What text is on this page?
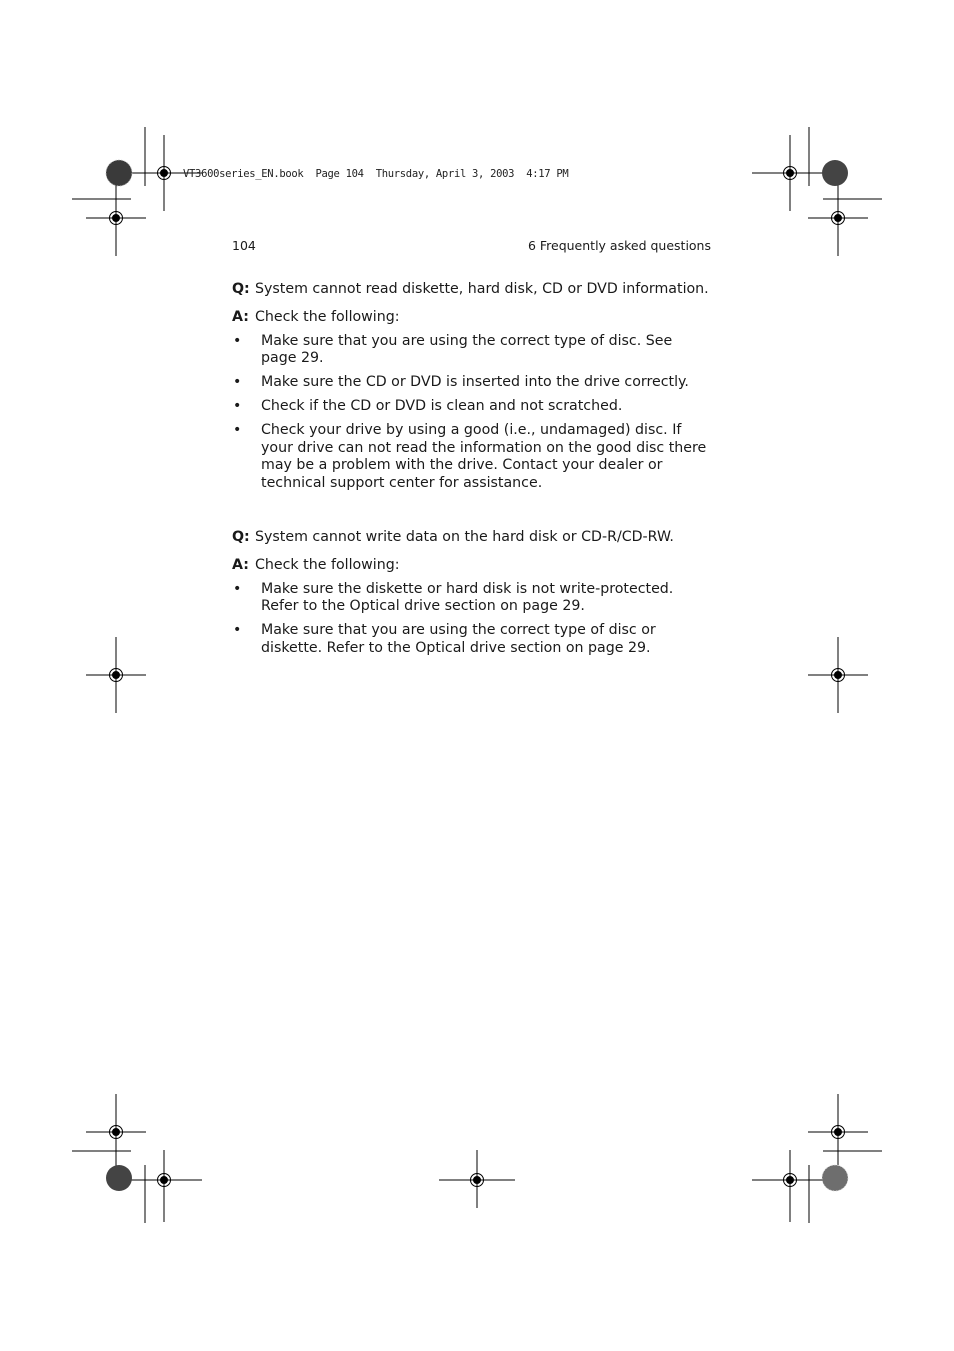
VT3600series_EN.book  Page 104  Thursday, April 3, 2003  4:17 PM
104	6 Frequently asked questions

Q: System cannot read diskette, hard disk, CD or DVD information.

A: Check the following:

•	Make sure that you are using the correct type of disc. See page 29.
•	Make sure the CD or DVD is inserted into the drive correctly.
•	Check if the CD or DVD is clean and not scratched.
•	Check your drive by using a good (i.e., undamaged) disc. If your drive can not read the information on the good disc there may be a problem with the drive. Contact your dealer or technical support center for assistance.

Q: System cannot write data on the hard disk or CD-R/CD-RW.

A: Check the following:

•	Make sure the diskette or hard disk is not write-protected. Refer to the Optical drive section on page 29.
•	Make sure that you are using the correct type of disc or diskette. Refer to the Optical drive section on page 29.
